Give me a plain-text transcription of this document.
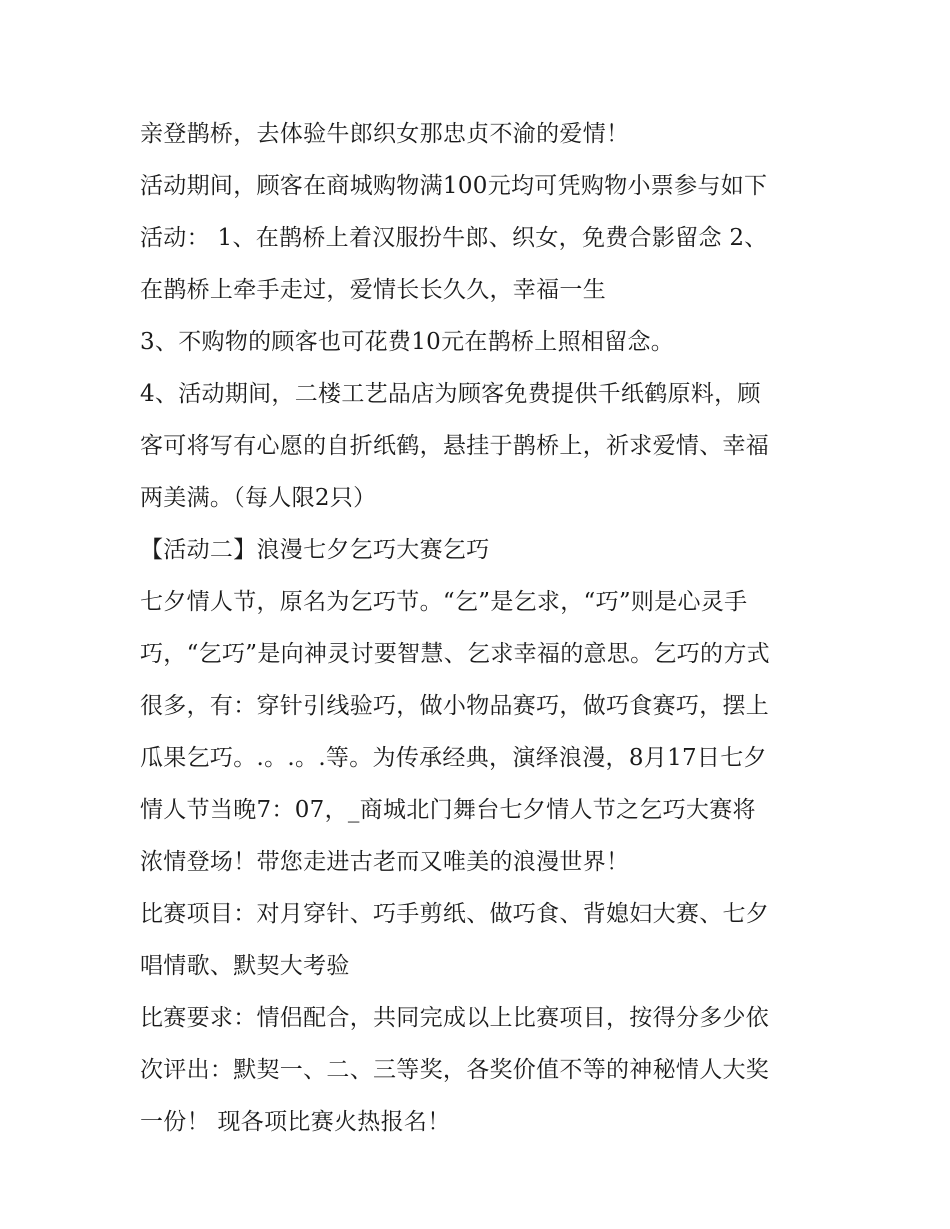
亲登鹊桥，去体验牛郎织女那忠贞不渝的爱情！
活动期间，顾客在商城购物满100元均可凭购物小票参与如下
活动： 1、在鹊桥上着汉服扮牛郎、织女，免费合影留念 2、
在鹊桥上牵手走过，爱情长长久久，幸福一生
3、不购物的顾客也可花费10元在鹊桥上照相留念。
4、活动期间，二楼工艺品店为顾客免费提供千纸鹤原料，顾
客可将写有心愿的自折纸鹤，悬挂于鹊桥上，祈求爱情、幸福
两美满。（每人限2只）
【活动二】浪漫七夕乞巧大赛乞巧
七夕情人节，原名为乞巧节。“乞”是乞求，“巧”则是心灵手
巧，“乞巧”是向神灵讨要智慧、乞求幸福的意思。乞巧的方式
很多，有：穿针引线验巧，做小物品赛巧，做巧食赛巧，摆上
瓜果乞巧。.。.。.等。为传承经典，演绎浪漫，8月17日七夕
情人节当晚7：07，_商城北门舞台七夕情人节之乞巧大赛将
浓情登场！带您走进古老而又唯美的浪漫世界！
比赛项目：对月穿针、巧手剪纸、做巧食、背媳妇大赛、七夕
唱情歌、默契大考验
比赛要求：情侣配合，共同完成以上比赛项目，按得分多少依
次评出：默契一、二、三等奖，各奖价值不等的神秘情人大奖
一份！ 现各项比赛火热报名！
